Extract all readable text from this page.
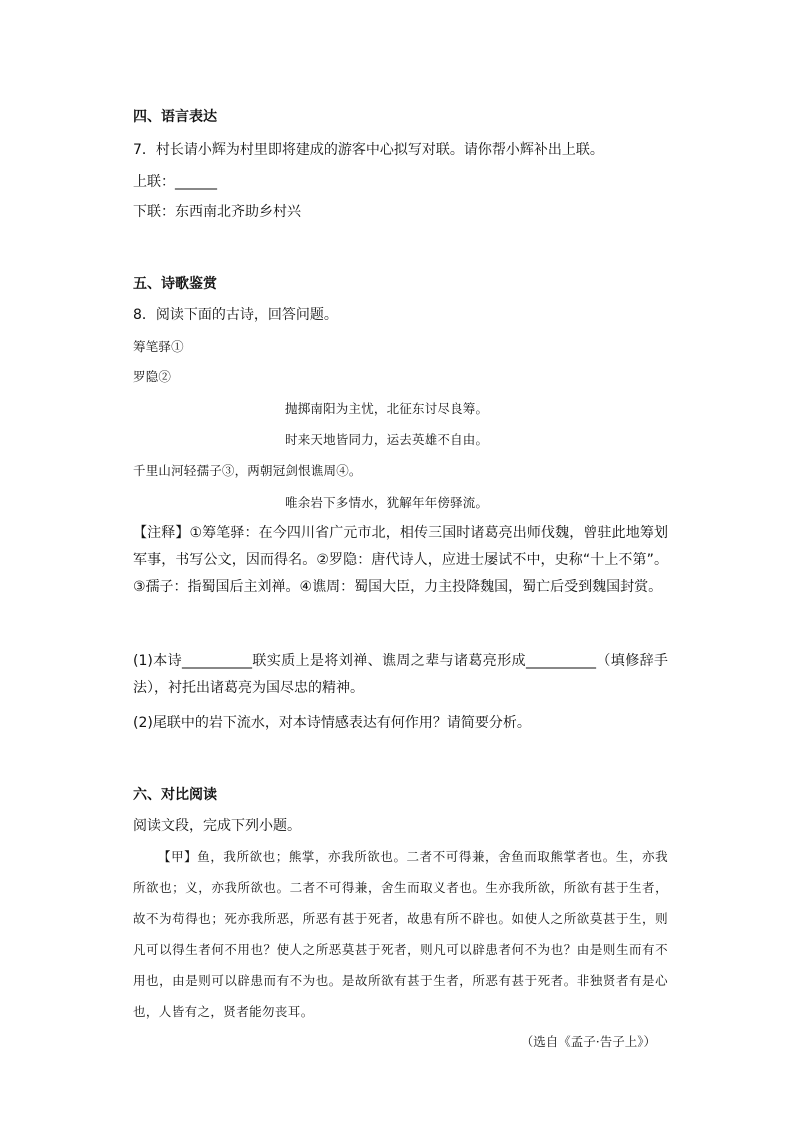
四、语言表达
7．村长请小辉为村里即将建成的游客中心拟写对联。请你帮小辉补出上联。
上联：______
下联：东西南北齐助乡村兴
五、诗歌鉴赏
8．阅读下面的古诗，回答问题。
筹笔驿①
罗隐②
抛掷南阳为主忧，北征东讨尽良筹。
时来天地皆同力，运去英雄不自由。
千里山河轻孺子③，两朝冠剑恨谯周④。
唯余岩下多情水，犹解年年傍驿流。
【注释】①筹笔驿：在今四川省广元市北，相传三国时诸葛亮出师伐魏，曾驻此地筹划军事，书写公文，因而得名。②罗隐：唐代诗人，应进士屡试不中，史称“十上不第”。③孺子：指蜀国后主刘禅。④谯周：蜀国大臣，力主投降魏国，蜀亡后受到魏国封赏。
(1)本诗__________联实质上是将刘禅、谯周之辈与诸葛亮形成__________（填修辞手法），衬托出诸葛亮为国尽忠的精神。
(2)尾联中的岩下流水，对本诗情感表达有何作用？请简要分析。
六、对比阅读
阅读文段，完成下列小题。
【甲】鱼，我所欲也；熊掌，亦我所欲也。二者不可得兼，舍鱼而取熊掌者也。生，亦我所欲也；义，亦我所欲也。二者不可得兼，舍生而取义者也。生亦我所欲，所欲有甚于生者，故不为苟得也；死亦我所恶，所恶有甚于死者，故患有所不辟也。如使人之所欲莫甚于生，则凡可以得生者何不用也？使人之所恶莫甚于死者，则凡可以辟患者何不为也？由是则生而有不用也，由是则可以辟患而有不为也。是故所欲有甚于生者，所恶有甚于死者。非独贤者有是心也，人皆有之，贤者能勿丧耳。
（选自《孟子·告子上》）
